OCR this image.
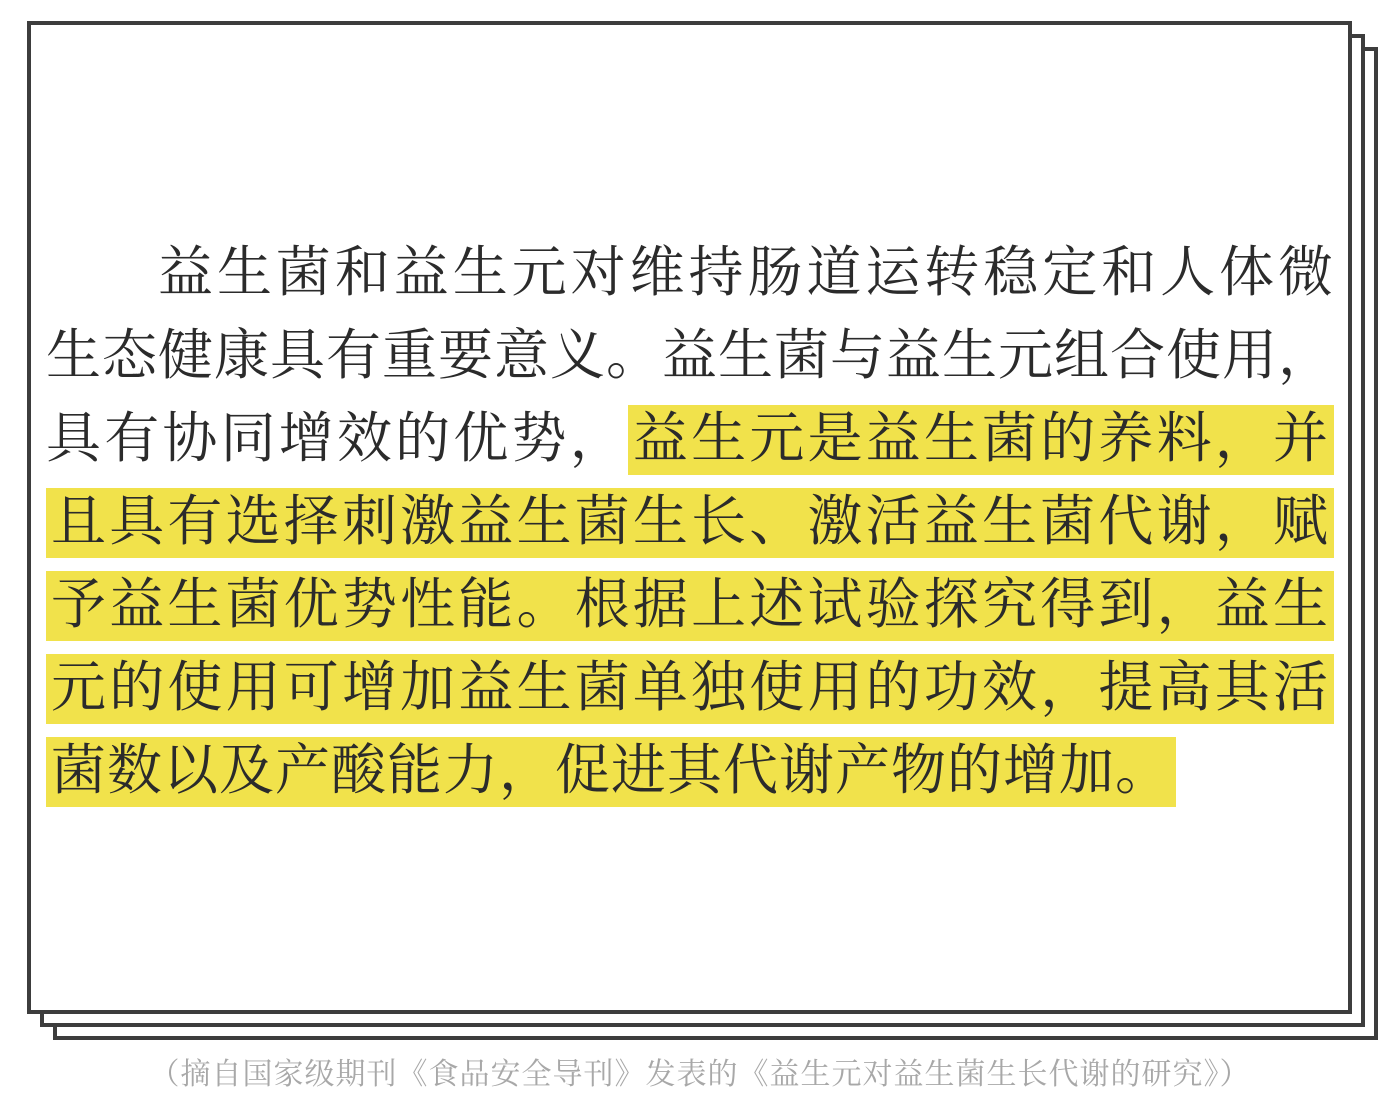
益生菌和益生元对维持肠道运转稳定和人体微
生态健康具有重要意义。益生菌与益生元组合使用，
具有协同增效的优势，益生元是益生菌的养料，并
且具有选择刺激益生菌生长、激活益生菌代谢，赋
予益生菌优势性能。根据上述试验探究得到，益生
元的使用可增加益生菌单独使用的功效，提高其活
菌数以及产酸能力，促进其代谢产物的增加。
（摘自国家级期刊《食品安全导刊》发表的《益生元对益生菌生长代谢的研究》）
